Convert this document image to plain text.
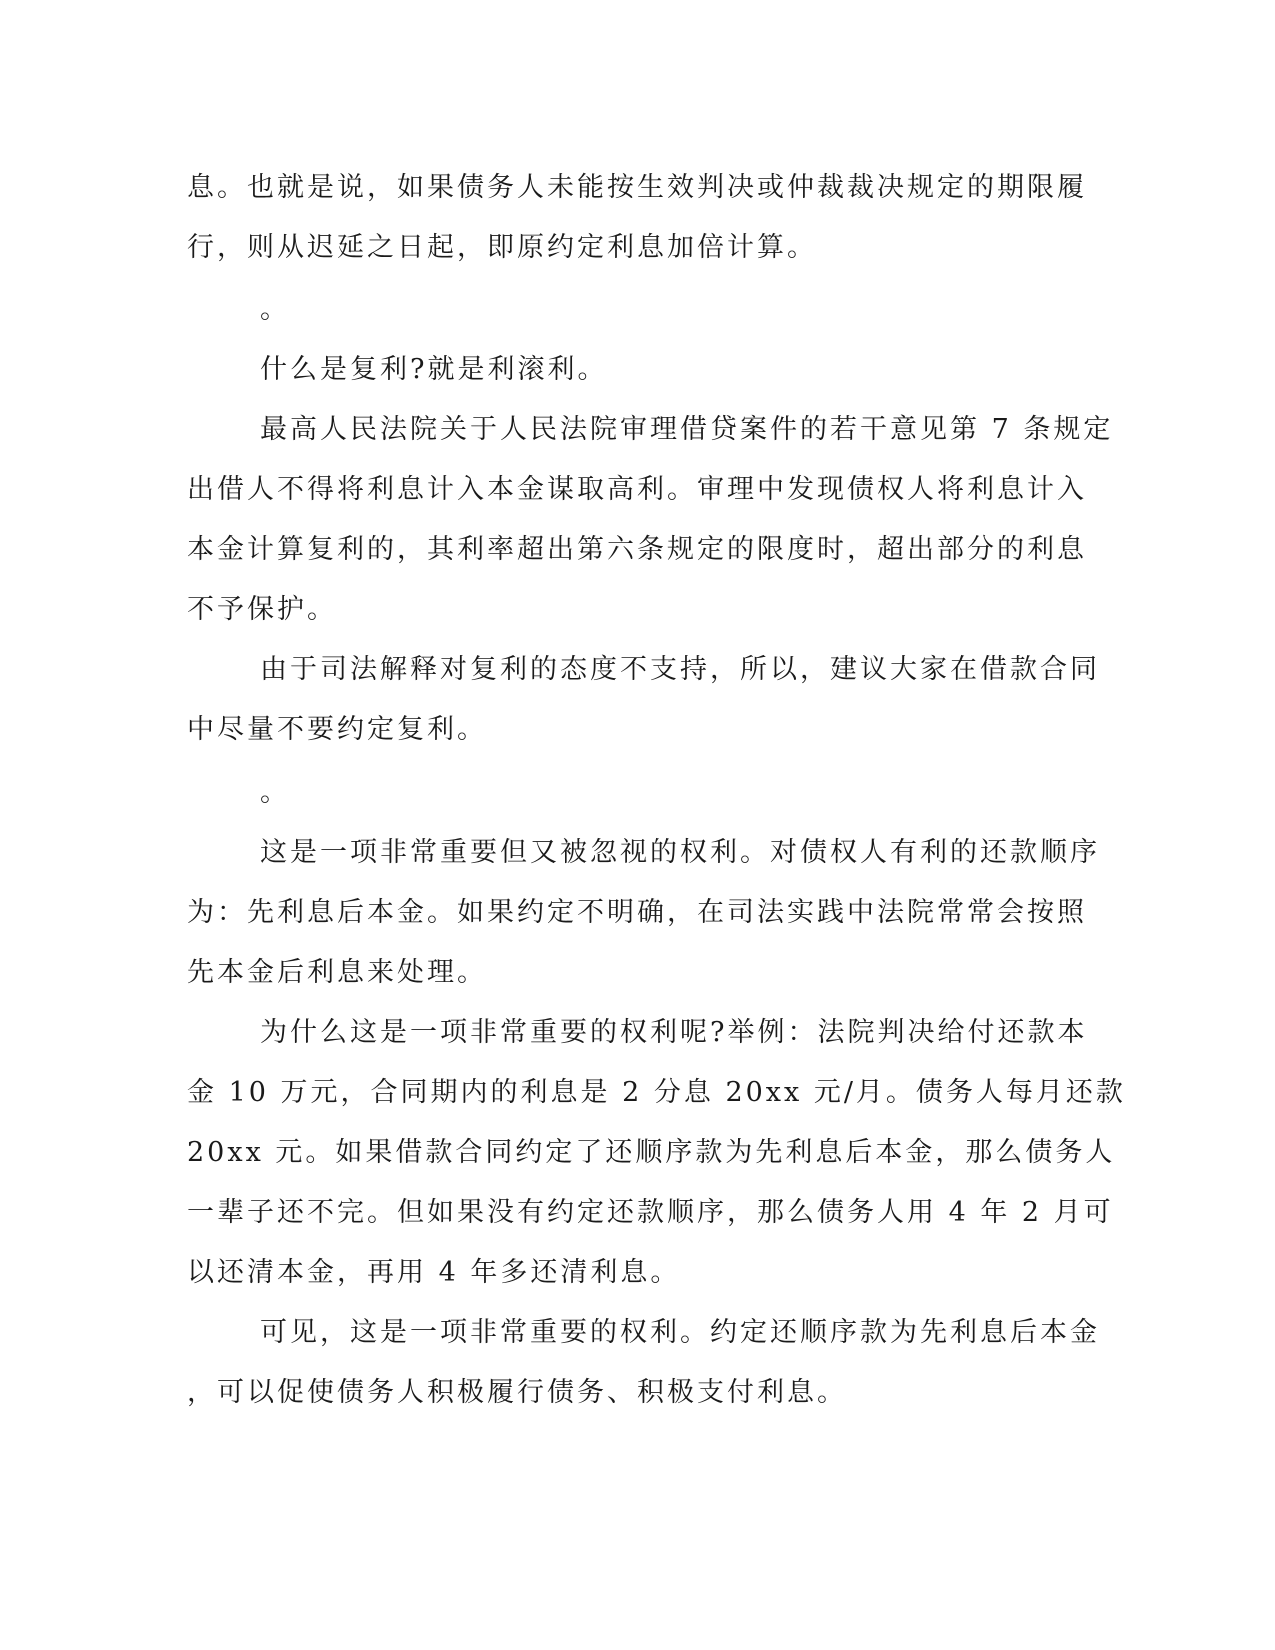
息。也就是说，如果债务人未能按生效判决或仲裁裁决规定的期限履
行，则从迟延之日起，即原约定利息加倍计算。
。
什么是复利?就是利滚利。
最高人民法院关于人民法院审理借贷案件的若干意见第 7 条规定
出借人不得将利息计入本金谋取高利。审理中发现债权人将利息计入
本金计算复利的，其利率超出第六条规定的限度时，超出部分的利息
不予保护。
由于司法解释对复利的态度不支持，所以，建议大家在借款合同
中尽量不要约定复利。
。
这是一项非常重要但又被忽视的权利。对债权人有利的还款顺序
为：先利息后本金。如果约定不明确，在司法实践中法院常常会按照
先本金后利息来处理。
为什么这是一项非常重要的权利呢?举例：法院判决给付还款本
金 10 万元，合同期内的利息是 2 分息 20xx 元/月。债务人每月还款
20xx 元。如果借款合同约定了还顺序款为先利息后本金，那么债务人
一辈子还不完。但如果没有约定还款顺序，那么债务人用 4 年 2 月可
以还清本金，再用 4 年多还清利息。
可见，这是一项非常重要的权利。约定还顺序款为先利息后本金
，可以促使债务人积极履行债务、积极支付利息。
